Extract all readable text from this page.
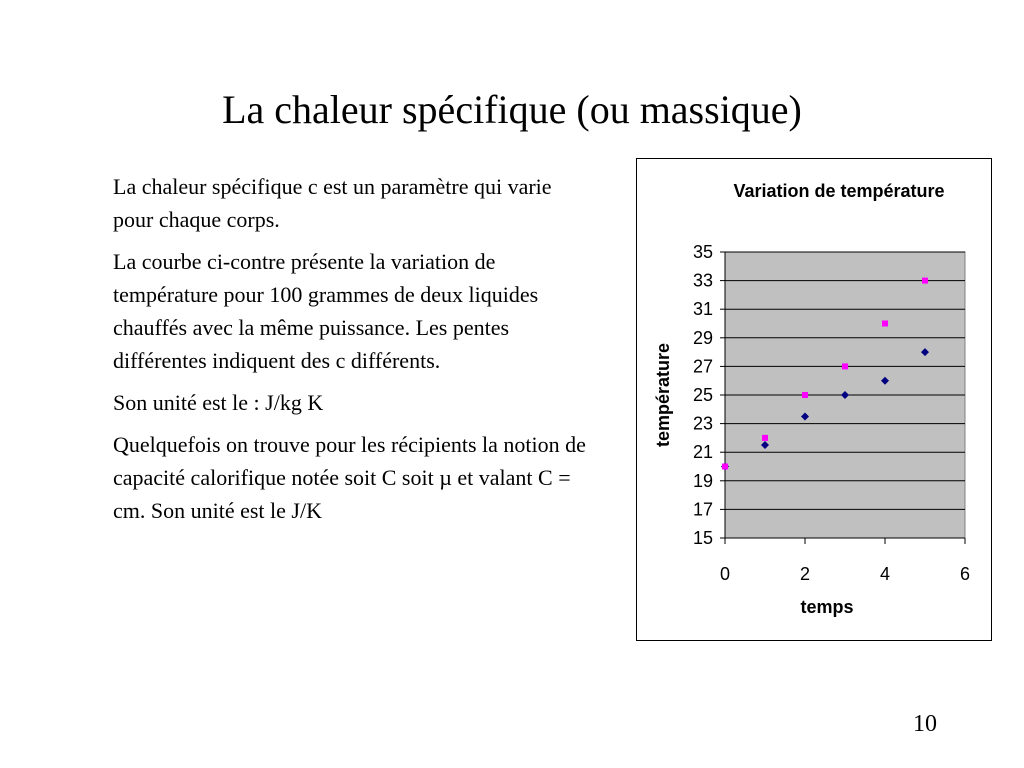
La chaleur spécifique (ou massique)

La chaleur spécifique c est un paramètre qui varie pour chaque corps.

La courbe ci-contre présente la variation de température pour 100 grammes de deux liquides chauffés avec la même puissance. Les pentes différentes indiquent des c différents.

Son unité est le : J/kg K

Quelquefois on trouve pour les récipients la notion de capacité calorifique notée soit C soit µ et valant C = cm. Son unité est le J/K

Variation de température
15
17
19
21
23
25
27
29
31
33
35
0	2	4	6
temps
température
10
